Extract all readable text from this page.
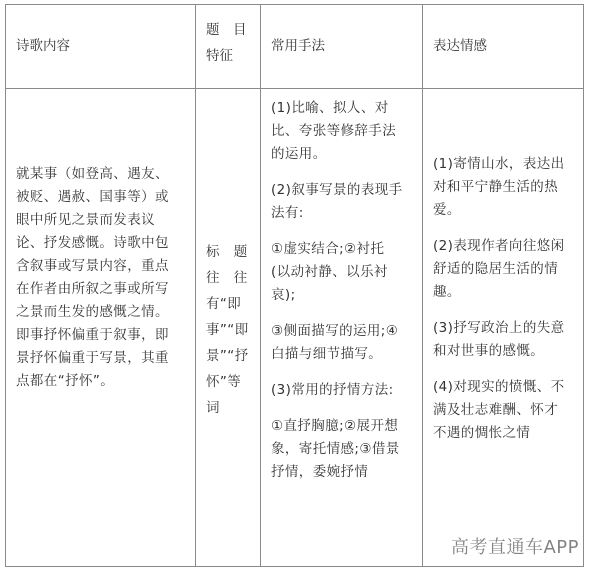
诗歌内容
题　目
特征
常用手法	表达情感

就某事（如登高、遇友、

被贬、遇赦、国事等）或

眼中所见之景而发表议

论、抒发感慨。诗歌中包

含叙事或写景内容，重点

在作者由所叙之事或所写

之景而生发的感慨之情。

即事抒怀偏重于叙事，即

景抒怀偏重于写景，其重

点都在“抒怀”。

标　题
往　往
有“即
事”“即
景”“抒
怀”等
词

(1)比喻、拟人、对

比、夸张等修辞手法

的运用。

(2)叙事写景的表现手

法有:

①虚实结合;②衬托

(以动衬静、以乐衬

哀);

③侧面描写的运用;④

白描与细节描写。

(3)常用的抒情方法:

①直抒胸臆;②展开想

象，寄托情感;③借景

抒情，委婉抒情

(1)寄情山水，表达出

对和平宁静生活的热

爱。

(2)表现作者向往悠闲

舒适的隐居生活的情

趣。

(3)抒写政治上的失意

和对世事的感慨。

(4)对现实的愤慨、不

满及壮志难酬、怀才

不遇的惆怅之情

高考直通车APP
